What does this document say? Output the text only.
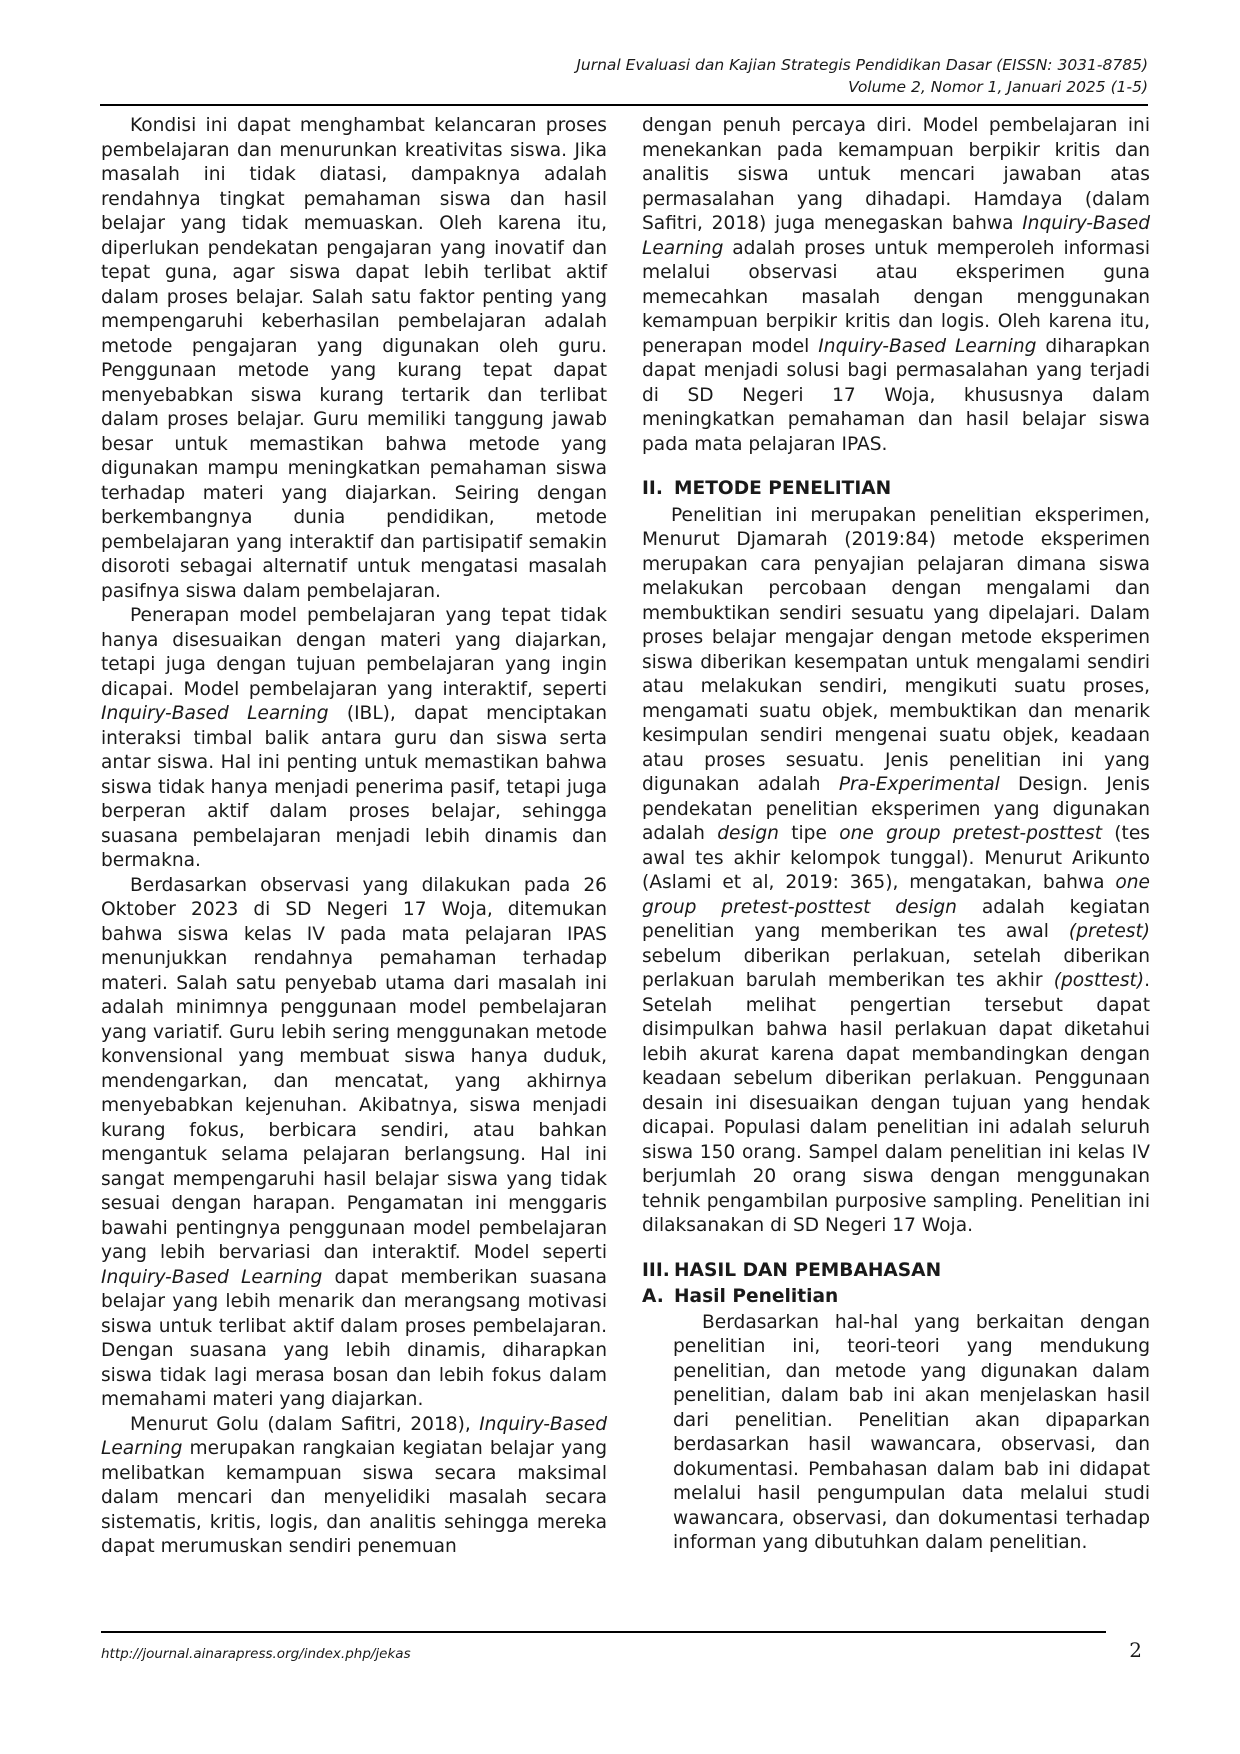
Jurnal Evaluasi dan Kajian Strategis Pendidikan Dasar (EISSN: 3031-8785)
Volume 2, Nomor 1, Januari 2025 (1-5)

Kondisi ini dapat menghambat kelancaran proses pembelajaran dan menurunkan kreativitas siswa. Jika masalah ini tidak diatasi, dampaknya adalah rendahnya tingkat pemahaman siswa dan hasil belajar yang tidak memuaskan. Oleh karena itu, diperlukan pendekatan pengajaran yang inovatif dan tepat guna, agar siswa dapat lebih terlibat aktif dalam proses belajar. Salah satu faktor penting yang mempengaruhi keberhasilan pembelajaran adalah metode pengajaran yang digunakan oleh guru. Penggunaan metode yang kurang tepat dapat menyebabkan siswa kurang tertarik dan terlibat dalam proses belajar. Guru memiliki tanggung jawab besar untuk memastikan bahwa metode yang digunakan mampu meningkatkan pemahaman siswa terhadap materi yang diajarkan. Seiring dengan berkembangnya dunia pendidikan, metode pembelajaran yang interaktif dan partisipatif semakin disoroti sebagai alternatif untuk mengatasi masalah pasifnya siswa dalam pembelajaran.

Penerapan model pembelajaran yang tepat tidak hanya disesuaikan dengan materi yang diajarkan, tetapi juga dengan tujuan pembelajaran yang ingin dicapai. Model pembelajaran yang interaktif, seperti Inquiry-Based Learning (IBL), dapat menciptakan interaksi timbal balik antara guru dan siswa serta antar siswa. Hal ini penting untuk memastikan bahwa siswa tidak hanya menjadi penerima pasif, tetapi juga berperan aktif dalam proses belajar, sehingga suasana pembelajaran menjadi lebih dinamis dan bermakna.

Berdasarkan observasi yang dilakukan pada 26 Oktober 2023 di SD Negeri 17 Woja, ditemukan bahwa siswa kelas IV pada mata pelajaran IPAS menunjukkan rendahnya pemahaman terhadap materi. Salah satu penyebab utama dari masalah ini adalah minimnya penggunaan model pembelajaran yang variatif. Guru lebih sering menggunakan metode konvensional yang membuat siswa hanya duduk, mendengarkan, dan mencatat, yang akhirnya menyebabkan kejenuhan. Akibatnya, siswa menjadi kurang fokus, berbicara sendiri, atau bahkan mengantuk selama pelajaran berlangsung. Hal ini sangat mempengaruhi hasil belajar siswa yang tidak sesuai dengan harapan. Pengamatan ini menggaris bawahi pentingnya penggunaan model pembelajaran yang lebih bervariasi dan interaktif. Model seperti Inquiry-Based Learning dapat memberikan suasana belajar yang lebih menarik dan merangsang motivasi siswa untuk terlibat aktif dalam proses pembelajaran. Dengan suasana yang lebih dinamis, diharapkan siswa tidak lagi merasa bosan dan lebih fokus dalam memahami materi yang diajarkan.

Menurut Golu (dalam Safitri, 2018), Inquiry-Based Learning merupakan rangkaian kegiatan belajar yang melibatkan kemampuan siswa secara maksimal dalam mencari dan menyelidiki masalah secara sistematis, kritis, logis, dan analitis sehingga mereka dapat merumuskan sendiri penemuan

dengan penuh percaya diri. Model pembelajaran ini menekankan pada kemampuan berpikir kritis dan analitis siswa untuk mencari jawaban atas permasalahan yang dihadapi. Hamdaya (dalam Safitri, 2018) juga menegaskan bahwa Inquiry-Based Learning adalah proses untuk memperoleh informasi melalui observasi atau eksperimen guna memecahkan masalah dengan menggunakan kemampuan berpikir kritis dan logis. Oleh karena itu, penerapan model Inquiry-Based Learning diharapkan dapat menjadi solusi bagi permasalahan yang terjadi di SD Negeri 17 Woja, khususnya dalam meningkatkan pemahaman dan hasil belajar siswa pada mata pelajaran IPAS.

II. METODE PENELITIAN

Penelitian ini merupakan penelitian eksperimen, Menurut Djamarah (2019:84) metode eksperimen merupakan cara penyajian pelajaran dimana siswa melakukan percobaan dengan mengalami dan membuktikan sendiri sesuatu yang dipelajari. Dalam proses belajar mengajar dengan metode eksperimen siswa diberikan kesempatan untuk mengalami sendiri atau melakukan sendiri, mengikuti suatu proses, mengamati suatu objek, membuktikan dan menarik kesimpulan sendiri mengenai suatu objek, keadaan atau proses sesuatu. Jenis penelitian ini yang digunakan adalah Pra-Experimental Design. Jenis pendekatan penelitian eksperimen yang digunakan adalah design tipe one group pretest-posttest (tes awal tes akhir kelompok tunggal). Menurut Arikunto (Aslami et al, 2019: 365), mengatakan, bahwa one group pretest-posttest design adalah kegiatan penelitian yang memberikan tes awal (pretest) sebelum diberikan perlakuan, setelah diberikan perlakuan barulah memberikan tes akhir (posttest). Setelah melihat pengertian tersebut dapat disimpulkan bahwa hasil perlakuan dapat diketahui lebih akurat karena dapat membandingkan dengan keadaan sebelum diberikan perlakuan. Penggunaan desain ini disesuaikan dengan tujuan yang hendak dicapai. Populasi dalam penelitian ini adalah seluruh siswa 150 orang. Sampel dalam penelitian ini kelas IV berjumlah 20 orang siswa dengan menggunakan tehnik pengambilan purposive sampling. Penelitian ini dilaksanakan di SD Negeri 17 Woja.

III. HASIL DAN PEMBAHASAN
A. Hasil Penelitian

Berdasarkan hal-hal yang berkaitan dengan penelitian ini, teori-teori yang mendukung penelitian, dan metode yang digunakan dalam penelitian, dalam bab ini akan menjelaskan hasil dari penelitian. Penelitian akan dipaparkan berdasarkan hasil wawancara, observasi, dan dokumentasi. Pembahasan dalam bab ini didapat melalui hasil pengumpulan data melalui studi wawancara, observasi, dan dokumentasi terhadap informan yang dibutuhkan dalam penelitian.

http://journal.ainarapress.org/index.php/jekas	2
